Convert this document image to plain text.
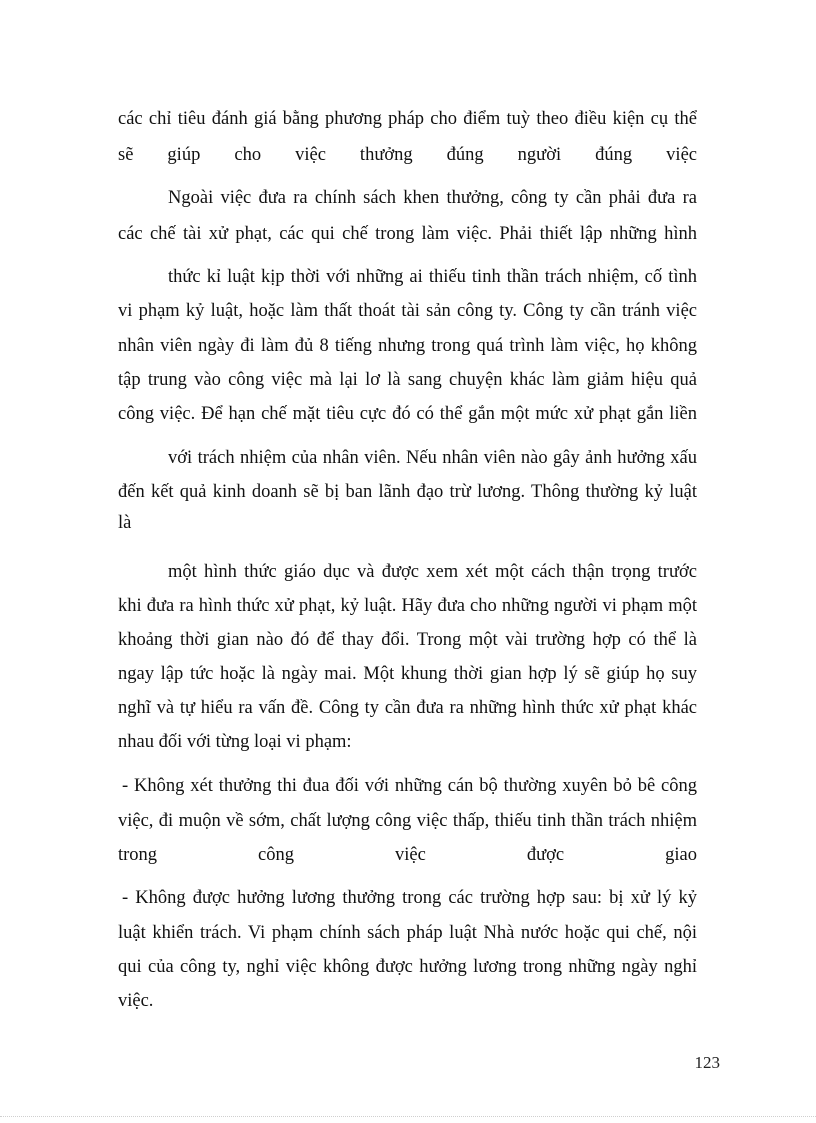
các chỉ tiêu đánh giá bằng phương pháp cho điểm tuỳ theo điều kiện cụ thể
sẽ giúp cho việc thưởng đúng người đúng việc
Ngoài việc đưa ra chính sách khen thưởng, công ty cần phải đưa ra
các chế tài xử phạt, các qui chế trong làm việc. Phải thiết lập những hình
thức kỉ luật kịp thời với những ai thiếu tinh thần trách nhiệm, cố tình
vi phạm kỷ luật, hoặc làm thất thoát tài sản công ty. Công ty cần tránh việc
nhân viên ngày đi làm đủ 8 tiếng nhưng trong quá trình làm việc, họ không
tập trung vào công việc mà lại lơ là sang chuyện khác làm giảm hiệu quả
công việc. Để hạn chế mặt tiêu cực đó có thể gắn một mức xử phạt gắn liền
với trách nhiệm của nhân viên. Nếu nhân viên nào gây ảnh hưởng xấu
đến kết quả kinh doanh sẽ bị ban lãnh đạo trừ lương. Thông thường kỷ luật
là
một hình thức giáo dục và được xem xét một cách thận trọng trước
khi đưa ra hình thức xử phạt, kỷ luật. Hãy đưa cho những người vi phạm một
khoảng thời gian nào đó để thay đổi. Trong một vài trường hợp có thể là
ngay lập tức hoặc là ngày mai. Một khung thời gian hợp lý sẽ giúp họ suy
nghĩ và tự hiểu ra vấn đề. Công ty cần đưa ra những hình thức xử phạt khác
nhau đối với từng loại vi phạm:
- Không xét thưởng thi đua đối với những cán bộ thường xuyên bỏ bê công
việc, đi muộn về sớm, chất lượng công việc thấp, thiếu tinh thần trách nhiệm
trong công việc được giao
- Không được hưởng lương thưởng trong các trường hợp sau: bị xử lý kỷ
luật khiển trách. Vi phạm chính sách pháp luật Nhà nước hoặc qui chế, nội
qui của công ty, nghỉ việc không được hưởng lương trong những ngày nghỉ
việc.
123
